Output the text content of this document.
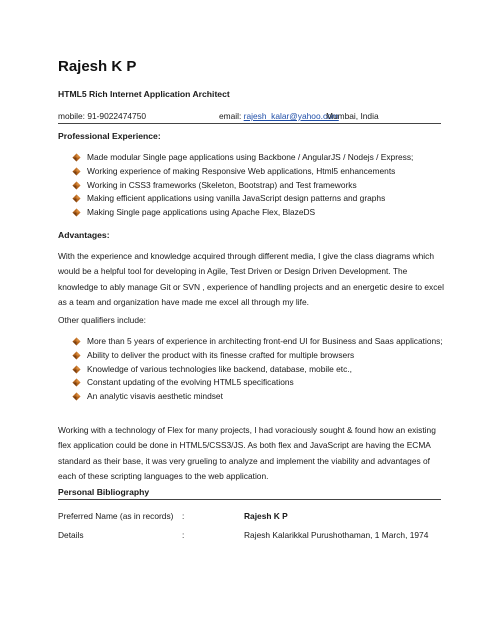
Rajesh K P
HTML5 Rich Internet Application Architect
mobile: 91-9022474750	email: rajesh_kalar@yahoo.com
Mumbai, India
Professional Experience:
Made modular Single page applications using Backbone / AngularJS / Nodejs / Express;
Working experience of making Responsive Web applications, Html5 enhancements
Working in CSS3 frameworks (Skeleton, Bootstrap) and Test frameworks
Making efficient applications using vanilla JavaScript design patterns and graphs
Making Single page applications using Apache Flex, BlazeDS
Advantages:
With the experience and knowledge acquired through different media, I give the class diagrams which would be a helpful tool for developing in Agile, Test Driven or Design Driven Development. The knowledge to ably manage Git or SVN , experience of handling projects and an energetic desire to excel as a team and organization have made me excel all through my life.
Other qualifiers include:
More than 5 years of experience in architecting front-end UI for Business and Saas applications;
Ability to deliver the product with its finesse crafted for multiple browsers
Knowledge of various technologies like backend, database, mobile etc.,
Constant updating of the evolving HTML5 specifications
An analytic visavis aesthetic mindset
Working with a technology of Flex for many projects, I had voraciously sought & found how an existing flex application could be done in HTML5/CSS3/JS. As both flex and JavaScript are having the ECMA standard as their base, it was very grueling to analyze and implement the viability and advantages of each of these scripting languages to the web application.
Personal Bibliography
Preferred Name (as in records) :	Rajesh K P
Details	:	Rajesh Kalarikkal Purushothaman, 1 March, 1974
